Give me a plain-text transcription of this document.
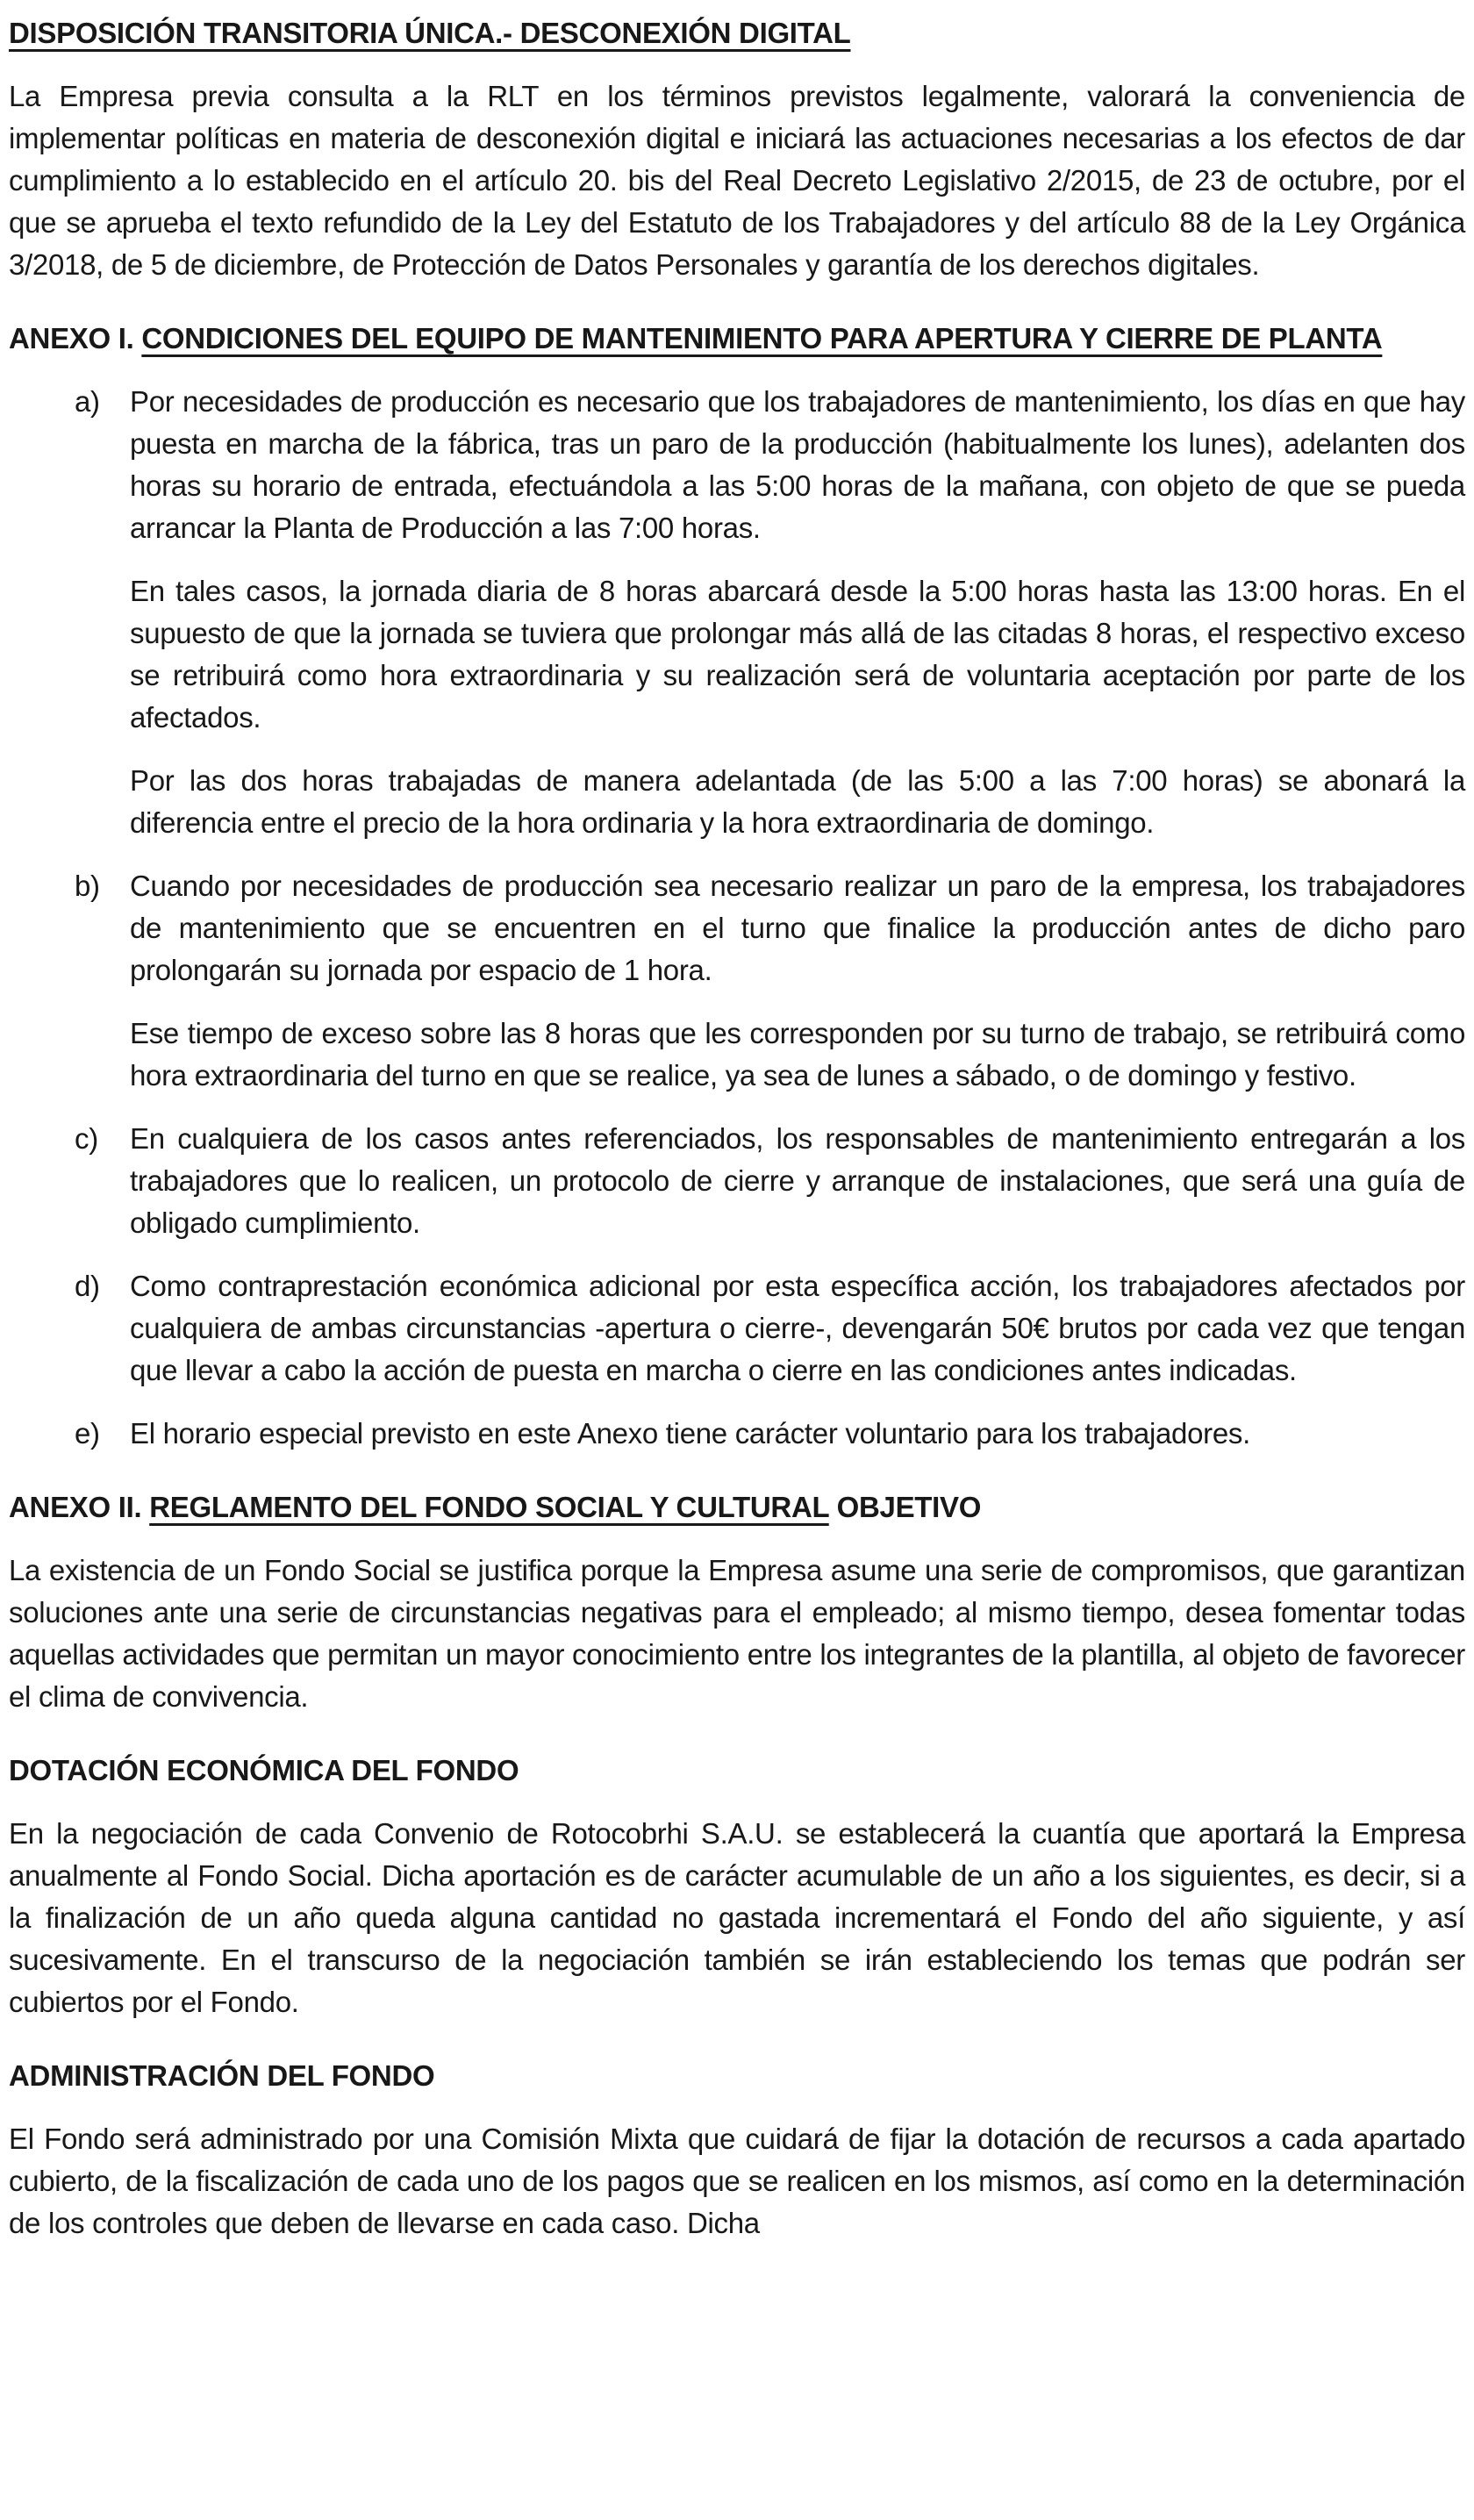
DISPOSICIÓN TRANSITORIA ÚNICA.- DESCONEXIÓN DIGITAL

La Empresa previa consulta a la RLT en los términos previstos legalmente, valorará la conveniencia de implementar políticas en materia de desconexión digital e iniciará las actuaciones necesarias a los efectos de dar cumplimiento a lo establecido en el artículo 20. bis del Real Decreto Legislativo 2/2015, de 23 de octubre, por el que se aprueba el texto refundido de la Ley del Estatuto de los Trabajadores y del artículo 88 de la Ley Orgánica 3/2018, de 5 de diciembre, de Protección de Datos Personales y garantía de los derechos digitales.

ANEXO I. CONDICIONES DEL EQUIPO DE MANTENIMIENTO PARA APERTURA Y CIERRE DE PLANTA
a)	Por necesidades de producción es necesario que los trabajadores de mantenimiento, los días en que hay puesta en marcha de la fábrica, tras un paro de la producción (habitualmente los lunes), adelanten dos horas su horario de entrada, efectuándola a las 5:00 horas de la mañana, con objeto de que se pueda arrancar la Planta de Producción a las 7:00 horas.

En tales casos, la jornada diaria de 8 horas abarcará desde la 5:00 horas hasta las 13:00 horas. En el supuesto de que la jornada se tuviera que prolongar más allá de las citadas 8 horas, el respectivo exceso se retribuirá como hora extraordinaria y su realización será de voluntaria aceptación por parte de los afectados.

Por las dos horas trabajadas de manera adelantada (de las 5:00 a las 7:00 horas) se abonará la diferencia entre el precio de la hora ordinaria y la hora extraordinaria de domingo.

b)	Cuando por necesidades de producción sea necesario realizar un paro de la empresa, los trabajadores de mantenimiento que se encuentren en el turno que finalice la producción antes de dicho paro prolongarán su jornada por espacio de 1 hora.

Ese tiempo de exceso sobre las 8 horas que les corresponden por su turno de trabajo, se retribuirá como hora extraordinaria del turno en que se realice, ya sea de lunes a sábado, o de domingo y festivo.

c)	En cualquiera de los casos antes referenciados, los responsables de mantenimiento entregarán a los trabajadores que lo realicen, un protocolo de cierre y arranque de instalaciones, que será una guía de obligado cumplimiento.

d)	Como contraprestación económica adicional por esta específica acción, los trabajadores afectados por cualquiera de ambas circunstancias -apertura o cierre-, devengarán 50€ brutos por cada vez que tengan que llevar a cabo la acción de puesta en marcha o cierre en las condiciones antes indicadas.

e)	El horario especial previsto en este Anexo tiene carácter voluntario para los trabajadores.

ANEXO II. REGLAMENTO DEL FONDO SOCIAL Y CULTURAL OBJETIVO

La existencia de un Fondo Social se justifica porque la Empresa asume una serie de compromisos, que garantizan soluciones ante una serie de circunstancias negativas para el empleado; al mismo tiempo, desea fomentar todas aquellas actividades que permitan un mayor conocimiento entre los integrantes de la plantilla, al objeto de favorecer el clima de convivencia.

DOTACIÓN ECONÓMICA DEL FONDO

En la negociación de cada Convenio de Rotocobrhi S.A.U. se establecerá la cuantía que aportará la Empresa anualmente al Fondo Social. Dicha aportación es de carácter acumulable de un año a los siguientes, es decir, si a la finalización de un año queda alguna cantidad no gastada incrementará el Fondo del año siguiente, y así sucesivamente. En el transcurso de la negociación también se irán estableciendo los temas que podrán ser cubiertos por el Fondo.

ADMINISTRACIÓN DEL FONDO

El Fondo será administrado por una Comisión Mixta que cuidará de fijar la dotación de recursos a cada apartado cubierto, de la fiscalización de cada uno de los pagos que se realicen en los mismos, así como en la determinación de los controles que deben de llevarse en cada caso. Dicha
